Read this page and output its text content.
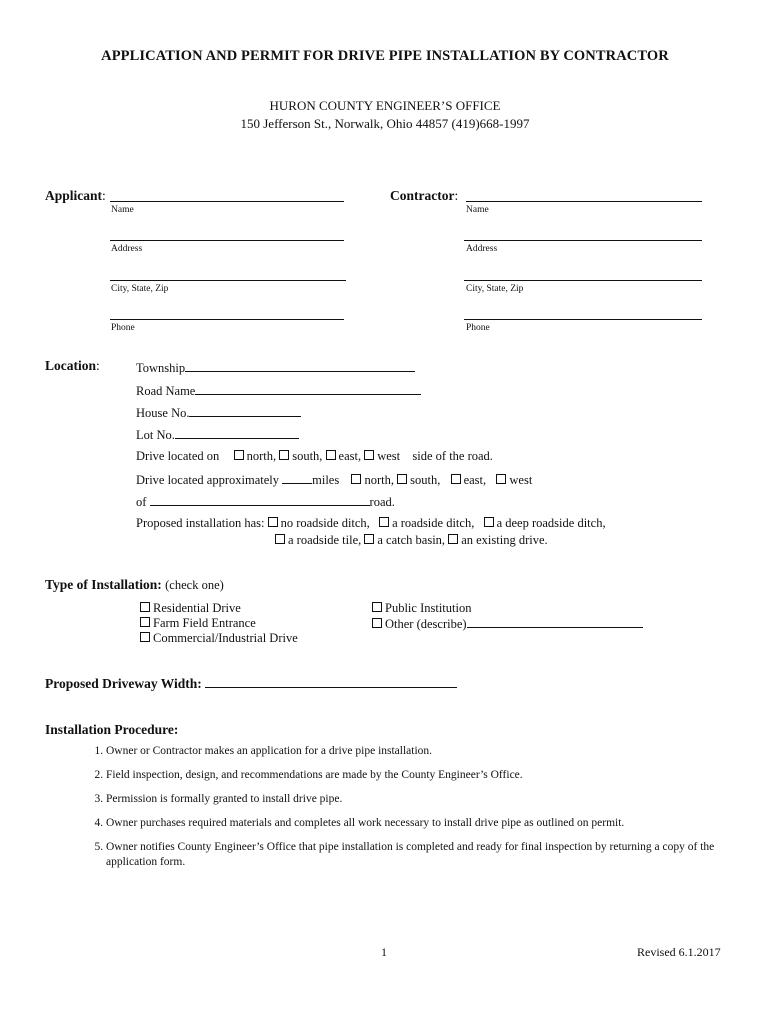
APPLICATION AND PERMIT FOR DRIVE PIPE INSTALLATION BY CONTRACTOR
HURON COUNTY ENGINEER’S OFFICE
150 Jefferson St., Norwalk, Ohio 44857 (419)668-1997
Applicant:
Name
Address
City, State, Zip
Phone
Contractor:
Name
Address
City, State, Zip
Phone
Location:	Township
Road Name
House No.
Lot No.
Drive located on north, south, east, west side of the road.
Drive located approximately	miles north, south, east, west
of	road.
Proposed installation has: no roadside ditch, a roadside ditch, a deep roadside ditch,
a roadside tile, a catch basin, an existing drive.
Type of Installation: (check one)
Residential Drive
Farm Field Entrance
Commercial/Industrial Drive
Public Institution
Other (describe)
Proposed Driveway Width:
Installation Procedure:
1. Owner or Contractor makes an application for a drive pipe installation.
2. Field inspection, design, and recommendations are made by the County Engineer’s Office.
3. Permission is formally granted to install drive pipe.
4. Owner purchases required materials and completes all work necessary to install drive pipe as outlined on permit.
5. Owner notifies County Engineer’s Office that pipe installation is completed and ready for final inspection by returning a copy of the application form.
1	Revised 6.1.2017
